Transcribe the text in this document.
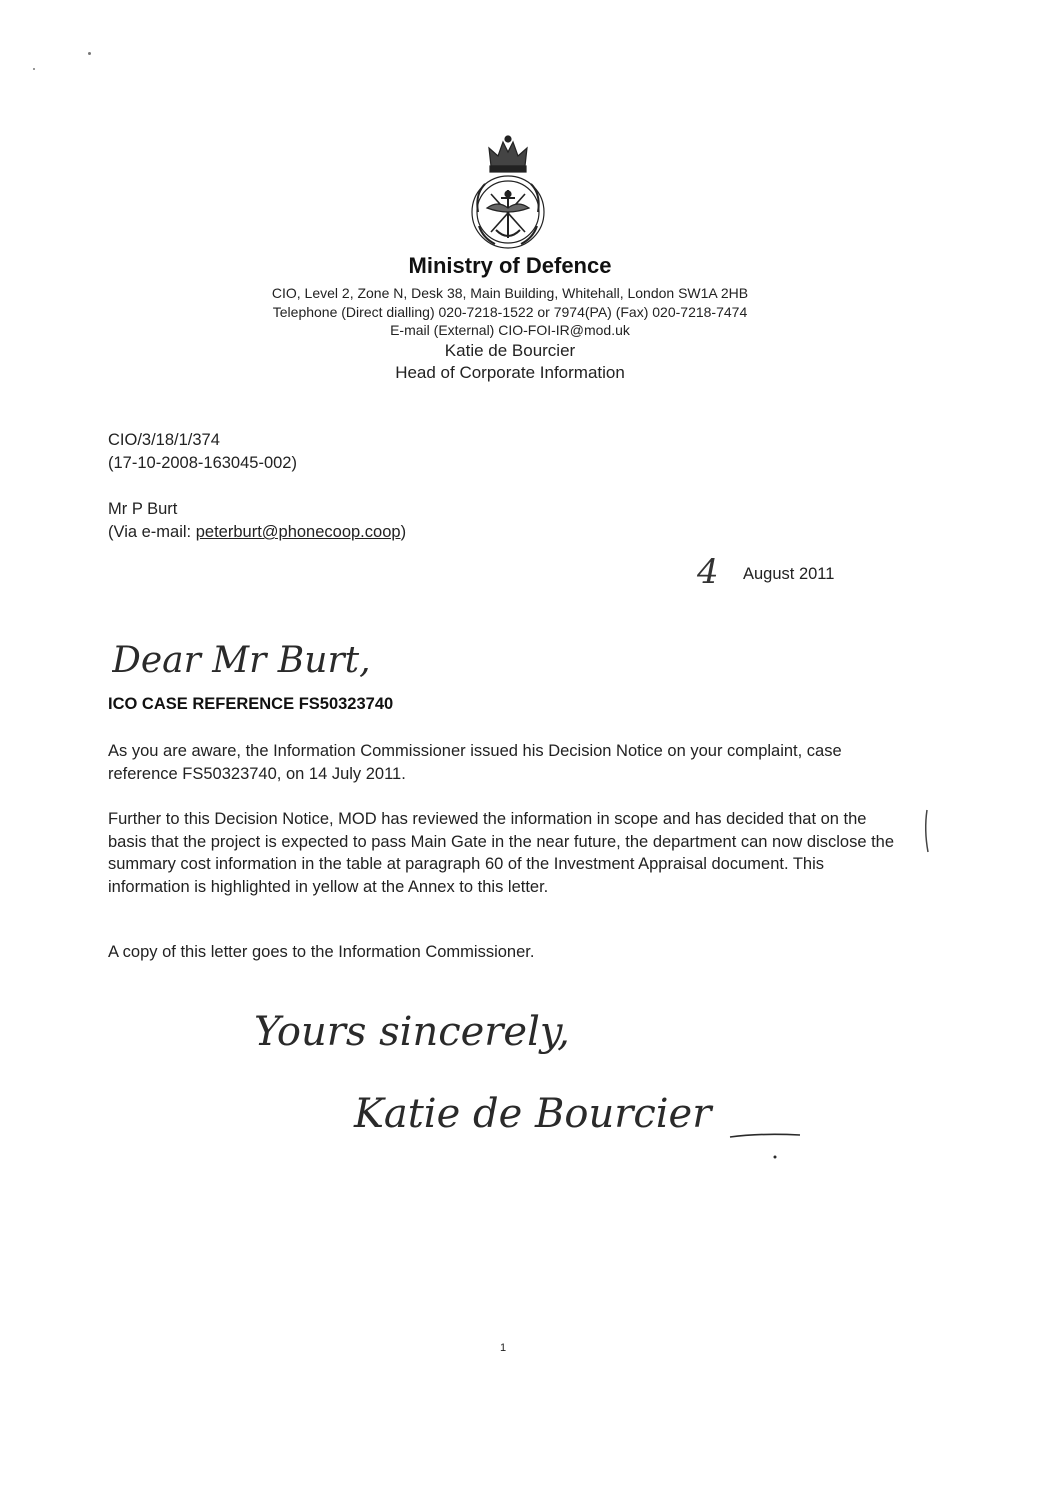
Ministry of Defence
CIO, Level 2, Zone N, Desk 38, Main Building, Whitehall, London SW1A 2HB
Telephone (Direct dialling) 020-7218-1522 or 7974(PA) (Fax) 020-7218-7474
E-mail (External) CIO-FOI-IR@mod.uk
Katie de Bourcier
Head of Corporate Information
CIO/3/18/1/374
(17-10-2008-163045-002)
Mr P Burt
(Via e-mail: peterburt@phonecoop.coop)
4 August 2011
Dear Mr Burt,
ICO CASE REFERENCE FS50323740
As you are aware, the Information Commissioner issued his Decision Notice on your complaint, case reference FS50323740, on 14 July 2011.
Further to this Decision Notice, MOD has reviewed the information in scope and has decided that on the basis that the project is expected to pass Main Gate in the near future, the department can now disclose the summary cost information in the table at paragraph 60 of the Investment Appraisal document. This information is highlighted in yellow at the Annex to this letter.
A copy of this letter goes to the Information Commissioner.
Yours sincerely,
Katie de Bourcier
1
